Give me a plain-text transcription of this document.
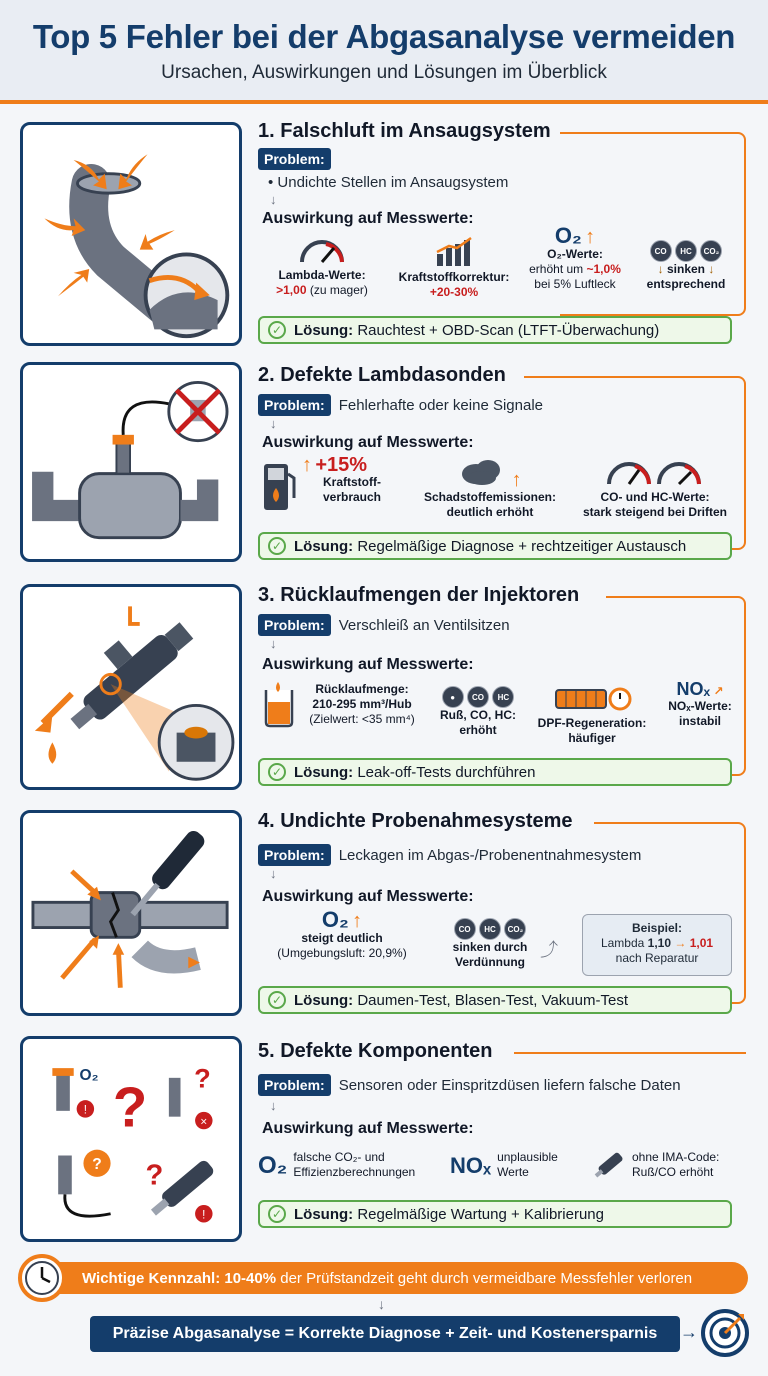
Top 5 Fehler bei der Abgasanalyse vermeiden
Ursachen, Auswirkungen und Lösungen im Überblick
1. Falschluft im Ansaugsystem
Problem:
• Undichte Stellen im Ansaugsystem
↓
Auswirkung auf Messwerte:

Lambda-Werte:
>1,00 (zu mager)

Kraftstoffkorrektur:
+20-30%
O₂ ↑
O₂-Werte:
erhöht um ~1,0%
bei 5% Luftleck
CO HC CO₂
↓ sinken ↓
entsprechend
✓ Lösung: Rauchtest + OBD-Scan (LTFT-Überwachung)
2. Defekte Lambdasonden
Problem: Fehlerhafte oder keine Signale
↓
Auswirkung auf Messwerte:
↑ +15%

Kraftstoff-
verbrauch
↑
Schadstoffemissionen:
deutlich erhöht

CO- und HC-Werte:
stark steigend bei Driften
✓ Lösung: Regelmäßige Diagnose + rechtzeitiger Austausch
3. Rücklaufmengen der Injektoren
Problem: Verschleiß an Ventilsitzen
↓
Auswirkung auf Messwerte:
Rücklaufmenge:
210-295 mm³/Hub
(Zielwert: <35 mm⁴)
● CO HC
Ruß, CO, HC:
erhöht	DPF-Regeneration:
häufiger
NOₓ ↗
NOₓ-Werte:
instabil
✓ Lösung: Leak-off-Tests durchführen
4. Undichte Probenahmesysteme
Problem: Leckagen im Abgas-/Probenentnahmesystem
↓
Auswirkung auf Messwerte:
O₂ ↑
steigt deutlich
(Umgebungsluft: 20,9%)
CO HC CO₂
sinken durch
Verdünnung
⤴
Beispiel:
Lambda 1,10 → 1,01
nach Reparatur
✓ Lösung: Daumen-Test, Blasen-Test, Vakuum-Test
O₂
! ? ?
×
? ?
!
5. Defekte Komponenten
Problem: Sensoren oder Einspritzdüsen liefern falsche Daten
↓
Auswirkung auf Messwerte:
O₂ falsche CO₂- und
Effizienzberechnungen NOₓ unplausible
Werte
ohne IMA-Code:
Ruß/CO erhöht
✓ Lösung: Regelmäßige Wartung + Kalibrierung
Wichtige Kennzahl:
10-40%
der Prüfstandzeit geht durch vermeidbare Messfehler verloren
↓
Präzise Abgasanalyse = Korrekte Diagnose + Zeit- und Kostenersparnis	→
